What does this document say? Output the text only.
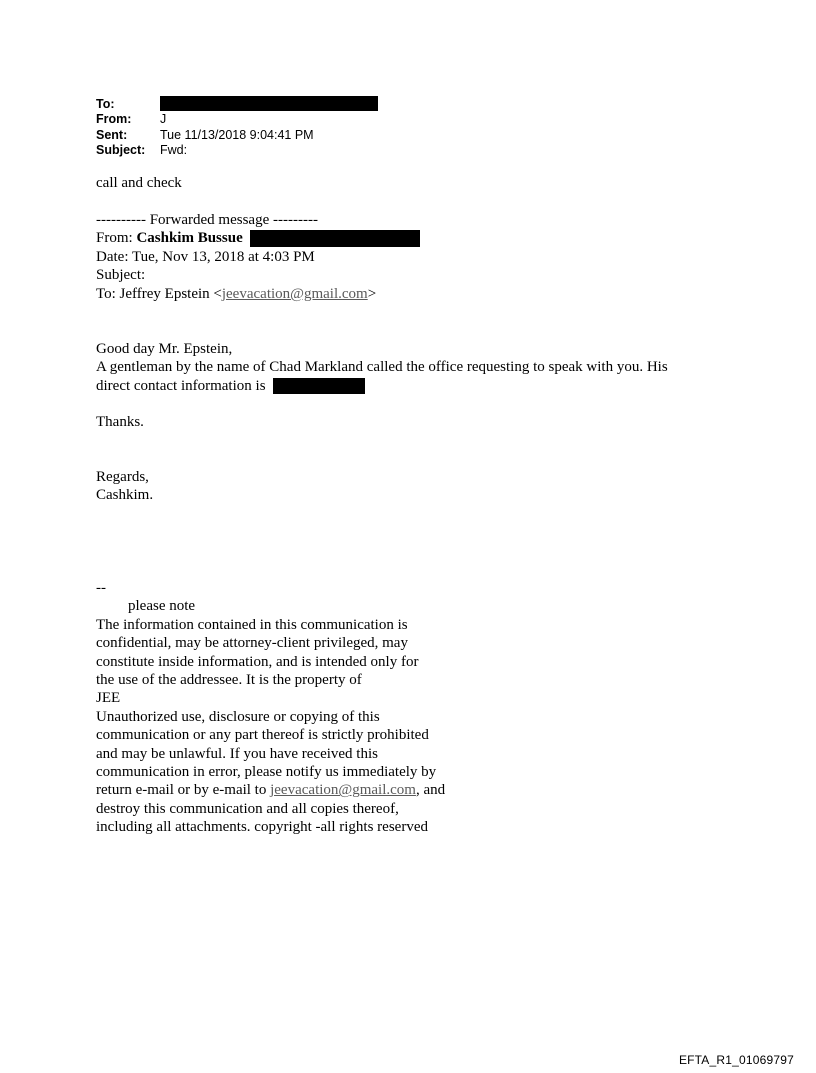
To:
From:	J
Sent:	Tue 11/13/2018 9:04:41 PM
Subject:	Fwd:
call and check
---------- Forwarded message ---------
From: Cashkim Bussue
Date: Tue, Nov 13, 2018 at 4:03 PM
Subject:
To: Jeffrey Epstein <jeevacation@gmail.com>
Good day Mr. Epstein,
A gentleman by the name of Chad Markland called the office requesting to speak with you. His
direct contact information is
Thanks.
Regards,
Cashkim.
--
please note
The information contained in this communication is
confidential, may be attorney-client privileged, may
constitute inside information, and is intended only for
the use of the addressee. It is the property of
JEE
Unauthorized use, disclosure or copying of this
communication or any part thereof is strictly prohibited
and may be unlawful. If you have received this
communication in error, please notify us immediately by
return e-mail or by e-mail to jeevacation@gmail.com, and
destroy this communication and all copies thereof,
including all attachments. copyright -all rights reserved
EFTA_R1_01069797
